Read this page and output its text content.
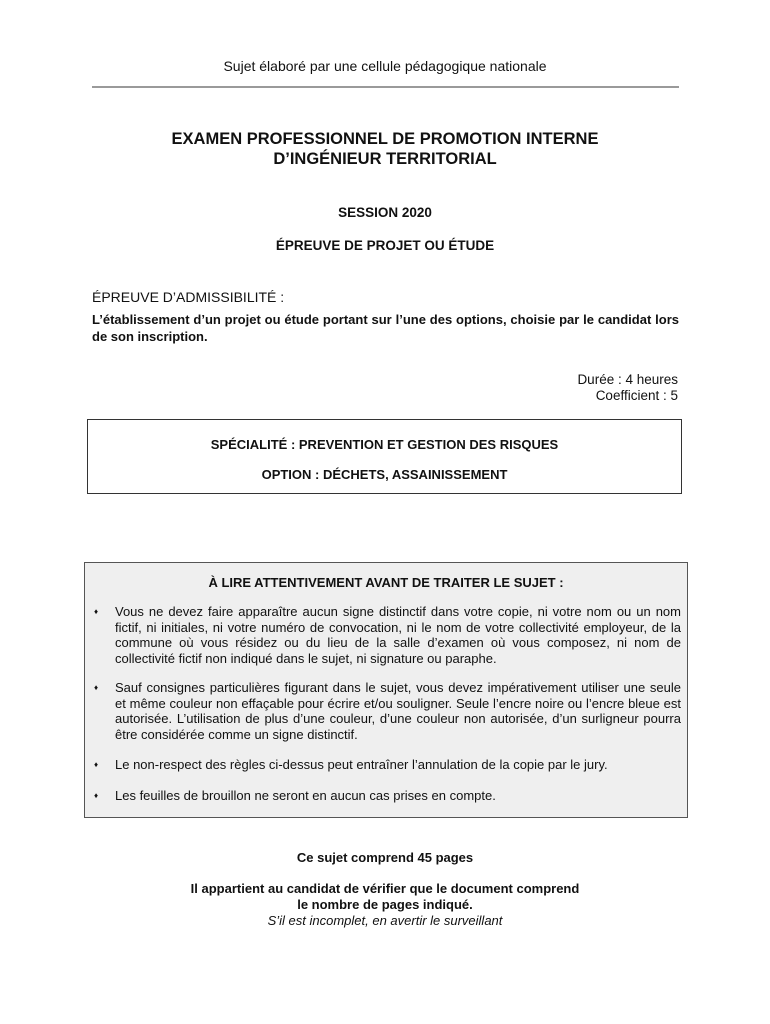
Sujet élaboré par une cellule pédagogique nationale
EXAMEN PROFESSIONNEL DE PROMOTION INTERNE
D’INGÉNIEUR TERRITORIAL
SESSION 2020
ÉPREUVE DE PROJET OU ÉTUDE
ÉPREUVE D’ADMISSIBILITÉ :
L’établissement d’un projet ou étude portant sur l’une des options, choisie par le candidat lors de son inscription.
Durée : 4 heures
Coefficient : 5
SPÉCIALITÉ : PREVENTION ET GESTION DES RISQUES
OPTION : DÉCHETS, ASSAINISSEMENT
À LIRE ATTENTIVEMENT AVANT DE TRAITER LE SUJET :
♦ Vous ne devez faire apparaître aucun signe distinctif dans votre copie, ni votre nom ou un nom fictif, ni initiales, ni votre numéro de convocation, ni le nom de votre collectivité employeur, de la commune où vous résidez ou du lieu de la salle d’examen où vous composez, ni nom de collectivité fictif non indiqué dans le sujet, ni signature ou paraphe.
♦ Sauf consignes particulières figurant dans le sujet, vous devez impérativement utiliser une seule et même couleur non effaçable pour écrire et/ou souligner. Seule l’encre noire ou l’encre bleue est autorisée. L’utilisation de plus d’une couleur, d’une couleur non autorisée, d’un surligneur pourra être considérée comme un signe distinctif.
♦ Le non-respect des règles ci-dessus peut entraîner l’annulation de la copie par le jury.
♦ Les feuilles de brouillon ne seront en aucun cas prises en compte.
Ce sujet comprend 45 pages
Il appartient au candidat de vérifier que le document comprend
le nombre de pages indiqué.
S’il est incomplet, en avertir le surveillant
